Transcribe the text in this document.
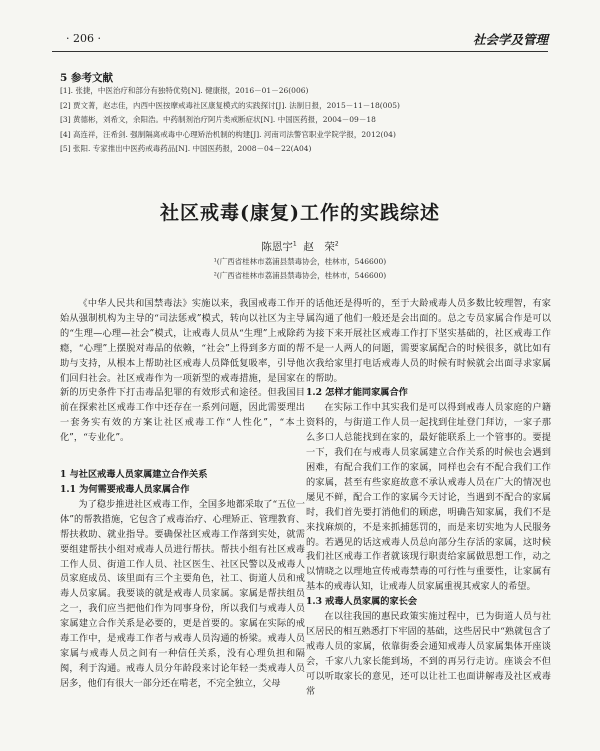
· 206 ·	社会学及管理
5 参考文献
[1]. 张捷，中医治疗和部分有独特优势[N]. 健康报，2016－01－26(006)
[2] 贾文菁，赵志佳，内西中医按摩戒毒社区康复模式的实践探讨[J]. 法制日报，2015－11－18(005)
[3] 黄德彬，刘希文，余阳浩。中药制剂治疗阿片类戒断症状[N]. 中国医药报，2004－09－18
[4] 高连祥，汪希剑. 强制隔离戒毒中心理矫治机制的构建[J]. 河南司法警官职业学院学报，2012(04)
[5] 张阳. 专家推出中医药戒毒药品[N]. 中国医药报，2008－04－22(A04)
社区戒毒(康复)工作的实践综述
陈恩宇$^1$ 赵　荣$^2$
¹(广西省桂林市荔浦县禁毒协会，桂林市，546600)
²(广西省桂林市荔浦县禁毒协会，桂林市，546600)

《中华人民共和国禁毒法》实施以来，我国戒毒工作开始从强制机构为主导的“司法惩戒”模式，转向以社区为主导的“生理—心理—社会”模式，让戒毒人员从“生理”上戒除药瘾，“心理”上摆脱对毒品的依赖，“社会”上得到多方面的帮助与支持，从根本上帮助社区戒毒人员降低复吸率，引导他们回归社会。社区戒毒作为一项新型的戒毒措施，是国家在新的历史条件下打击毒品犯罪的有效形式和途径。但我国目前在探索社区戒毒工作中还存在一系列问题，因此需要理出一套务实有效的方案让社区戒毒工作“人性化”，“本土化”，“专业化”。

1 与社区戒毒人员家属建立合作关系
1.1 为何需要戒毒人员家属合作

为了稳步推进社区戒毒工作，全国多地都采取了“五位一体”的帮教措施，它包含了戒毒治疗、心理矫正、管理教育、帮扶救助、就业指导。要确保社区戒毒工作落到实处，就需要组建帮扶小组对戒毒人员进行帮扶。帮扶小组有社区戒毒工作人员、街道工作人员、社区医生、社区民警以及戒毒人员家庭成员、该里面有三个主要角色，社工、街道人员和戒毒人员家属。我要谈的就是戒毒人员家属。家属是帮扶组员之一，我们应当把他们作为同事身份，所以我们与戒毒人员家属建立合作关系是必要的，更是首要的。家属在实际的戒毒工作中，是戒毒工作者与戒毒人员沟通的桥梁。戒毒人员家属与戒毒人员之间有一种信任关系，没有心理负担和隔阂，利于沟通。戒毒人员分年龄段来讨论年轻一类戒毒人员居多，他们有很大一部分还在啃老，不完全独立，父母

的话他还是得听的，至于大龄戒毒人员多数比较理智，有家属沟通了他们一般还是会出面的。总之专员家属合作是可以为接下来开展社区戒毒工作打下坚实基础的，社区戒毒工作不是一人两人的问题，需要家属配合的时候很多，就比如有次我给家里打电话戒毒人员的时候有时候就会出面寻求家属的帮助。

1.2 怎样才能同家属合作

在实际工作中其实我们是可以得到戒毒人员家庭的户籍资料的，与街道工作人员一起找到住址登门拜访，一家子那么多口人总能找到在家的，最好能联系上一个管事的。要提一下，我们在与戒毒人员家属建立合作关系的时候也会遇到困难，有配合我们工作的家属，同样也会有不配合我们工作的家属，甚至有些家庭故意不承认戒毒人员在广大的情况也屡见不鲜，配合工作的家属今天讨论，当遇到不配合的家属时，我们首先要打消他们的顾虑，明确告知家属，我们不是来找麻烦的，不是来抓捕惩罚的，而是来切实地为人民服务的。若遇见的话这戒毒人员总向部分生存活的家属，这时候我们社区戒毒工作者就该现行职责给家属做思想工作，动之以情晓之以理地宣传戒毒禁毒的可行性与重要性，让家属有基本的戒毒认知，让戒毒人员家属重视其戒家人的希望。

1.3 戒毒人员家属的家长会

在以往我国的惠民政策实施过程中，已为街道人员与社区居民的相互熟悉打下牢固的基础，这些居民中“熟就包含了戒毒人员的家属，依靠街委会通知戒毒人员家属集体开座谈会，千家八九家长能到场，不到的再另行走访。座谈会不但可以听取家长的意见，还可以让社工也面讲解毒及社区戒毒常
